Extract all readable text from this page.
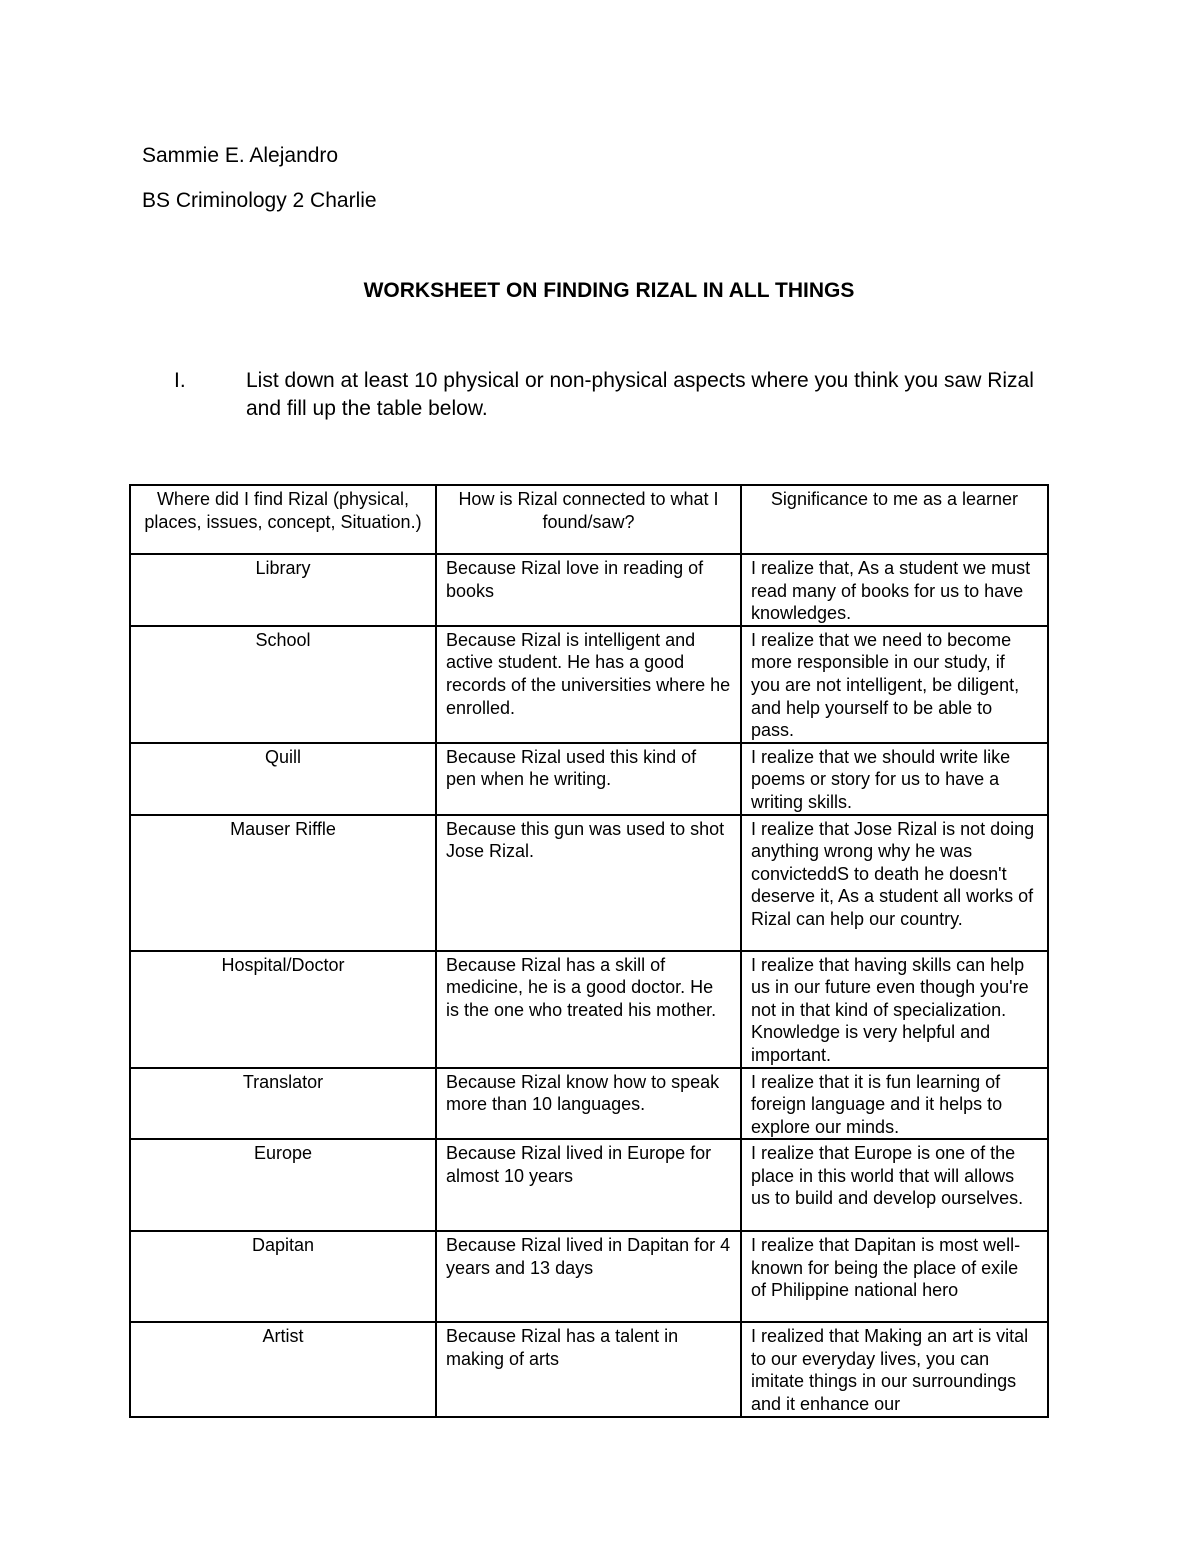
Sammie E. Alejandro
BS Criminology 2 Charlie
WORKSHEET ON FINDING RIZAL IN ALL THINGS
I.	List down at least 10 physical or non-physical aspects where you think you saw Rizal and fill up the table below.
Where did I find Rizal (physical, places, issues, concept, Situation.)	How is Rizal connected to what I found/saw?	Significance to me as a learner
Library	Because Rizal love in reading of books	I realize that, As a student we must read many of books for us to have knowledges.
School	Because Rizal is intelligent and active student. He has a good records of the universities where he enrolled.	I realize that we need to become more responsible in our study, if you are not intelligent, be diligent, and help yourself to be able to pass.
Quill	Because Rizal used this kind of pen when he writing.	I realize that we should write like poems or story for us to have a writing skills.
Mauser Riffle	Because this gun was used to shot Jose Rizal.	I realize that Jose Rizal is not doing anything wrong why he was convicteddS to death he doesn't deserve it, As a student all works of Rizal can help our country.
Hospital/Doctor	Because Rizal has a skill of medicine, he is a good doctor. He is the one who treated his mother.	I realize that having skills can help us in our future even though you're not in that kind of specialization. Knowledge is very helpful and important.
Translator	Because Rizal know how to speak more than 10 languages.	I realize that it is fun learning of foreign language and it helps to explore our minds.
Europe	Because Rizal lived in Europe for almost 10 years	I realize that Europe is one of the place in this world that will allows us to build and develop ourselves.
Dapitan	Because Rizal lived in Dapitan for 4 years and 13 days	I realize that Dapitan is most well-known for being the place of exile of Philippine national hero
Artist	Because Rizal has a talent in making of arts	I realized that Making an art is vital to our everyday lives, you can imitate things in our surroundings and it enhance our
